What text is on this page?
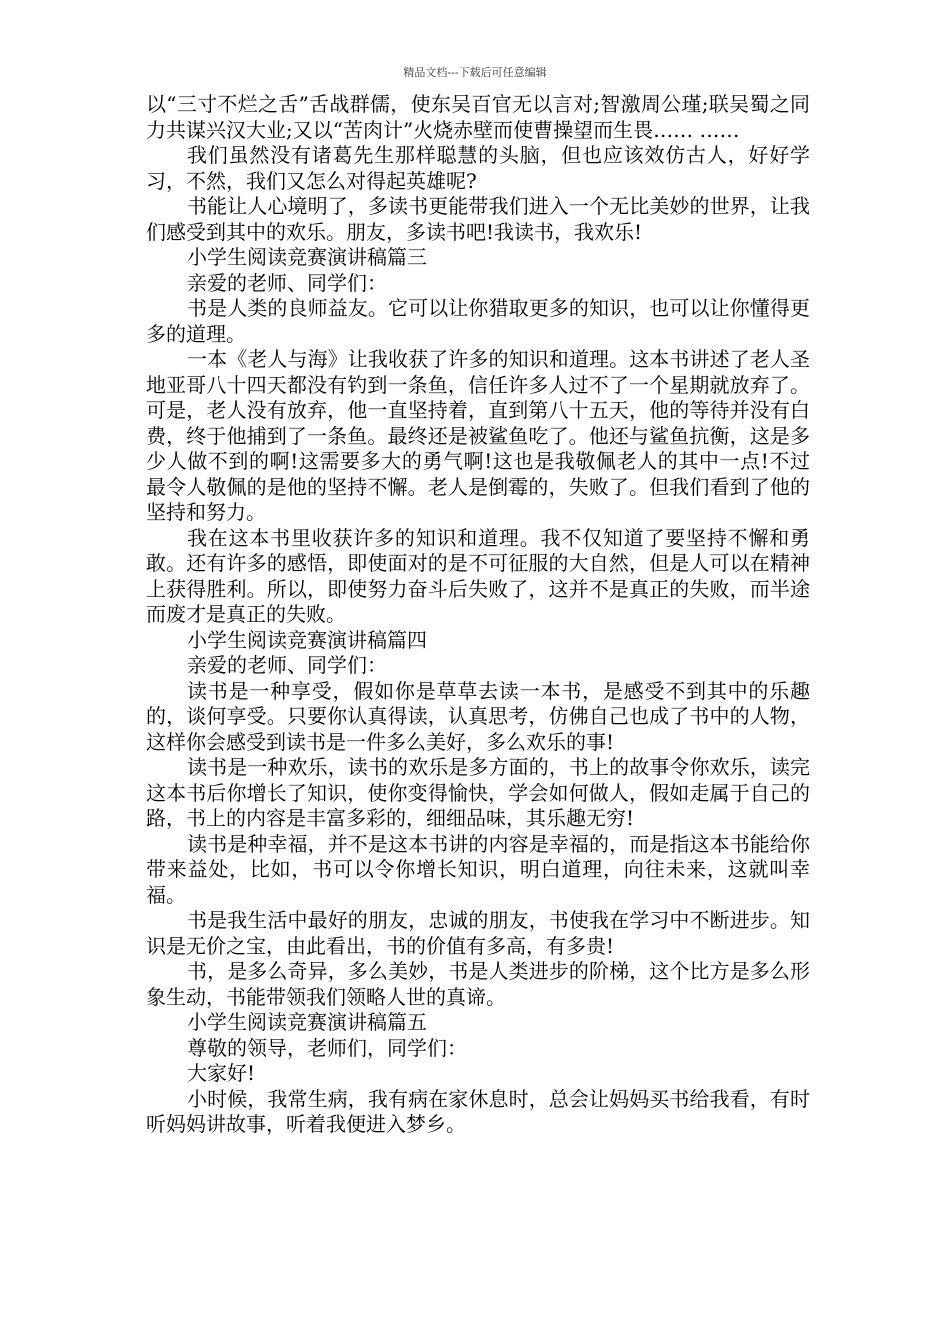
精品文档---下载后可任意编辑

以“三寸不烂之舌”舌战群儒，使东吴百官无以言对;智激周公瑾;联吴蜀之同力共谋兴汉大业;又以“苦肉计”火烧赤壁而使曹操望而生畏…… ……

我们虽然没有诸葛先生那样聪慧的头脑，但也应该效仿古人，好好学习，不然，我们又怎么对得起英雄呢?

书能让人心境明了，多读书更能带我们进入一个无比美妙的世界，让我们感受到其中的欢乐。朋友，多读书吧!我读书，我欢乐!

小学生阅读竞赛演讲稿篇三

亲爱的老师、同学们：

书是人类的良师益友。它可以让你猎取更多的知识，也可以让你懂得更多的道理。

一本《老人与海》让我收获了许多的知识和道理。这本书讲述了老人圣地亚哥八十四天都没有钓到一条鱼，信任许多人过不了一个星期就放弃了。可是，老人没有放弃，他一直坚持着，直到第八十五天，他的等待并没有白费，终于他捕到了一条鱼。最终还是被鲨鱼吃了。他还与鲨鱼抗衡，这是多少人做不到的啊!这需要多大的勇气啊!这也是我敬佩老人的其中一点!不过最令人敬佩的是他的坚持不懈。老人是倒霉的，失败了。但我们看到了他的坚持和努力。

我在这本书里收获许多的知识和道理。我不仅知道了要坚持不懈和勇敢。还有许多的感悟，即使面对的是不可征服的大自然，但是人可以在精神上获得胜利。所以，即使努力奋斗后失败了，这并不是真正的失败，而半途而废才是真正的失败。

小学生阅读竞赛演讲稿篇四

亲爱的老师、同学们：

读书是一种享受，假如你是草草去读一本书，是感受不到其中的乐趣的，谈何享受。只要你认真得读，认真思考，仿佛自己也成了书中的人物，这样你会感受到读书是一件多么美好，多么欢乐的事!

读书是一种欢乐，读书的欢乐是多方面的，书上的故事令你欢乐，读完这本书后你增长了知识，使你变得愉快，学会如何做人，假如走属于自己的路，书上的内容是丰富多彩的，细细品味，其乐趣无穷!

读书是种幸福，并不是这本书讲的内容是幸福的，而是指这本书能给你带来益处，比如，书可以令你增长知识，明白道理，向往未来，这就叫幸福。

书是我生活中最好的朋友，忠诚的朋友，书使我在学习中不断进步。知识是无价之宝，由此看出，书的价值有多高，有多贵!

书，是多么奇异，多么美妙，书是人类进步的阶梯，这个比方是多么形象生动，书能带领我们领略人世的真谛。

小学生阅读竞赛演讲稿篇五

尊敬的领导，老师们，同学们：

大家好!

小时候，我常生病，我有病在家休息时，总会让妈妈买书给我看，有时听妈妈讲故事，听着我便进入梦乡。
